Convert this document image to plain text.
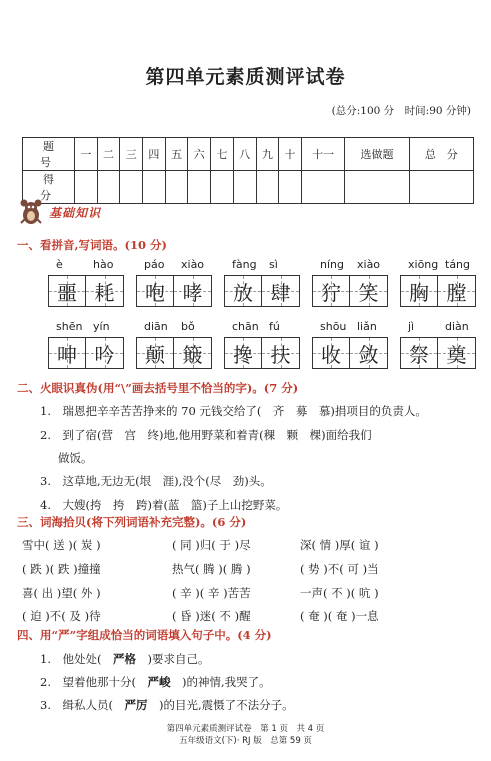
第四单元素质测评试卷
(总分:100 分　时间:90 分钟)
题　号	一	二	三	四	五	六	七	八	九	十	十一	选做题	总　分
得　分													
基础知识
一、看拼音,写词语。(10 分)
è	hào
噩 耗
páo xiào
咆 哮
fàng sì
放 肆
níng xiào
狞 笑
xiōng táng
胸 膛
shēn yín
呻 吟
diān bǒ
颠 簸
chān fú
搀 扶
shōu liǎn
收 敛
jì	diàn
祭 奠
二、火眼识真伪(用“\”画去括号里不恰当的字)。(7 分)
1.　瑞恩把辛辛苦苦挣来的 70 元钱交给了(　齐　募　慕)捐项目的负责人。
2.　到了宿(营　宫　终)地,他用野菜和着青(稞　颗　棵)面给我们
做饭。
3.　这草地,无边无(垠　涯),没个(尽　劲)头。
4.　大嫂(挎　挎　跨)着(蓝　篮)子上山挖野菜。
三、词海拾贝(将下列词语补充完整)。(6 分)
雪中( 送 )( 炭 )	( 同 )归( 于 )尽	深( 情 )厚( 谊 )
( 跌 )( 跌 )撞撞	热气( 腾 )( 腾 )	( 势 )不( 可 )当
喜( 出 )望( 外 )	( 辛 )( 辛 )苦苦	一声( 不 )( 吭 )
( 迫 )不( 及 )待	( 昏 )迷( 不 )醒	( 奄 )( 奄 )一息
四、用“严”字组成恰当的词语填入句子中。(4 分)
1.　他处处(　严格　)要求自己。
2.　望着他那十分(　严峻　)的神情,我哭了。
3.　缉私人员(　严厉　)的目光,震慑了不法分子。
第四单元素质测评试卷　第 1 页　共 4 页
五年级语文(下)· RJ 版　总第 59 页
